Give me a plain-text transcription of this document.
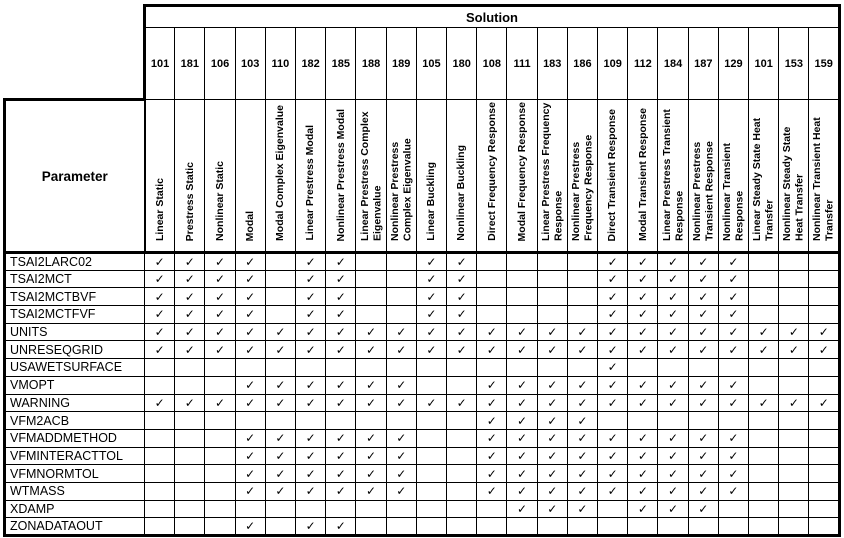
	Solution																						
	101	181	106	103	110	182	185	188	189	105	180	108	111	183	186	109	112	184	187	129	101	153	159
Parameter	Linear Static	Prestress Static	Nonlinear Static	Modal	Modal Complex Eigenvalue	Linear Prestress Modal	Nonlinear Prestress Modal	Linear Prestress Complex Eigenvalue	Nonlinear Prestress Complex Eigenvalue	Linear Buckling	Nonlinear Buckling	Direct Frequency Response	Modal Frequency Response	Linear Prestress Frequency Response	Nonlinear Prestress Frequency Response	Direct Transient Response	Modal Transient Response	Linear Prestress Transient Response	Nonlinear Prestress Transient Response	Nonlinear Transient Response	Linear Steady State Heat Transfer	Nonlinear Steady State Heat Transfer	Nonlinear Transient Heat Transfer
TSAI2LARC02	✓	✓	✓	✓		✓	✓			✓	✓					✓	✓	✓	✓	✓			
TSAI2MCT	✓	✓	✓	✓		✓	✓			✓	✓					✓	✓	✓	✓	✓			
TSAI2MCTBVF	✓	✓	✓	✓		✓	✓			✓	✓					✓	✓	✓	✓	✓			
TSAI2MCTFVF	✓	✓	✓	✓		✓	✓			✓	✓					✓	✓	✓	✓	✓			
UNITS	✓	✓	✓	✓	✓	✓	✓	✓	✓	✓	✓	✓	✓	✓	✓	✓	✓	✓	✓	✓	✓	✓	✓
UNRESEQGRID	✓	✓	✓	✓	✓	✓	✓	✓	✓	✓	✓	✓	✓	✓	✓	✓	✓	✓	✓	✓	✓	✓	✓
USAWETSURFACE																✓							
VMOPT				✓	✓	✓	✓	✓	✓			✓	✓	✓	✓	✓	✓	✓	✓	✓			
WARNING	✓	✓	✓	✓	✓	✓	✓	✓	✓	✓	✓	✓	✓	✓	✓	✓	✓	✓	✓	✓	✓	✓	✓
VFM2ACB												✓	✓	✓	✓								
VFMADDMETHOD				✓	✓	✓	✓	✓	✓			✓	✓	✓	✓	✓	✓	✓	✓	✓			
VFMINTERACTTOL				✓	✓	✓	✓	✓	✓			✓	✓	✓	✓	✓	✓	✓	✓	✓			
VFMNORMTOL				✓	✓	✓	✓	✓	✓			✓	✓	✓	✓	✓	✓	✓	✓	✓			
WTMASS				✓	✓	✓	✓	✓	✓			✓	✓	✓	✓	✓	✓	✓	✓	✓			
XDAMP													✓	✓	✓		✓	✓	✓				
ZONADATAOUT				✓		✓	✓																
